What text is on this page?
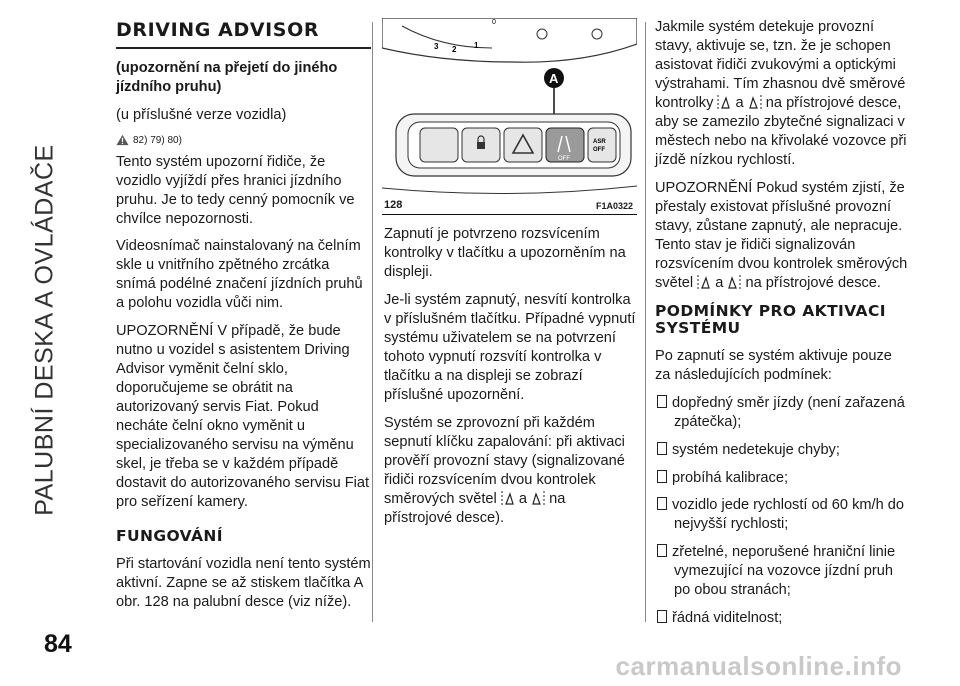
PALUBNÍ DESKA A OVLÁDAČE
84
carmanualsonline.info
DRIVING ADVISOR

(upozornění na přejetí do jiného jízdního pruhu)

(u příslušné verze vozidla)

82) 79) 80)

Tento systém upozorní řidiče, že vozidlo vyjíždí přes hranici jízdního pruhu. Je to tedy cenný pomocník ve chvílce nepozornosti.

Videosnímač nainstalovaný na čelním skle u vnitřního zpětného zrcátka snímá podélné značení jízdních pruhů a polohu vozidla vůči nim.

UPOZORNĚNÍ V případě, že bude nutno u vozidel s asistentem Driving Advisor vyměnit čelní sklo, doporučujeme se obrátit na autorizovaný servis Fiat. Pokud necháte čelní okno vyměnit u specializovaného servisu na výměnu skel, je třeba se v každém případě dostavit do autorizovaného servisu Fiat pro seřízení kamery.

FUNGOVÁNÍ

Při startování vozidla není tento systém aktivní. Zapne se až stiskem tlačítka A obr. 128 na palubní desce (viz níže).

3 2 1
0
A
OFF
ASR
OFF
128	F1A0322

Zapnutí je potvrzeno rozsvícením kontrolky v tlačítku a upozorněním na displeji.

Je-li systém zapnutý, nesvítí kontrolka v příslušném tlačítku. Případné vypnutí systému uživatelem se na potvrzení tohoto vypnutí rozsvítí kontrolka v tlačítku a na displeji se zobrazí příslušné upozornění.

Systém se zprovozní při každém sepnutí klíčku zapalování: při aktivaci prověří provozní stavy (signalizované řidiči rozsvícením dvou kontrolek směrových světel a na přístrojové desce).

Jakmile systém detekuje provozní stavy, aktivuje se, tzn. že je schopen asistovat řidiči zvukovými a optickými výstrahami. Tím zhasnou dvě směrové kontrolky a na přístrojové desce, aby se zamezilo zbytečné signalizaci v městech nebo na křivolaké vozovce při jízdě nízkou rychlostí.

UPOZORNĚNÍ Pokud systém zjistí, že přestaly existovat příslušné provozní stavy, zůstane zapnutý, ale nepracuje. Tento stav je řidiči signalizován rozsvícením dvou kontrolek směrových světel a na přístrojové desce.

PODMÍNKY PRO AKTIVACI SYSTÉMU

Po zapnutí se systém aktivuje pouze za následujících podmínek:

dopředný směr jízdy (není zařazená zpátečka);

systém nedetekuje chyby;

probíhá kalibrace;

vozidlo jede rychlostí od 60 km/h do nejvyšší rychlosti;

zřetelné, neporušené hraniční linie vymezující na vozovce jízdní pruh po obou stranách;

řádná viditelnost;
